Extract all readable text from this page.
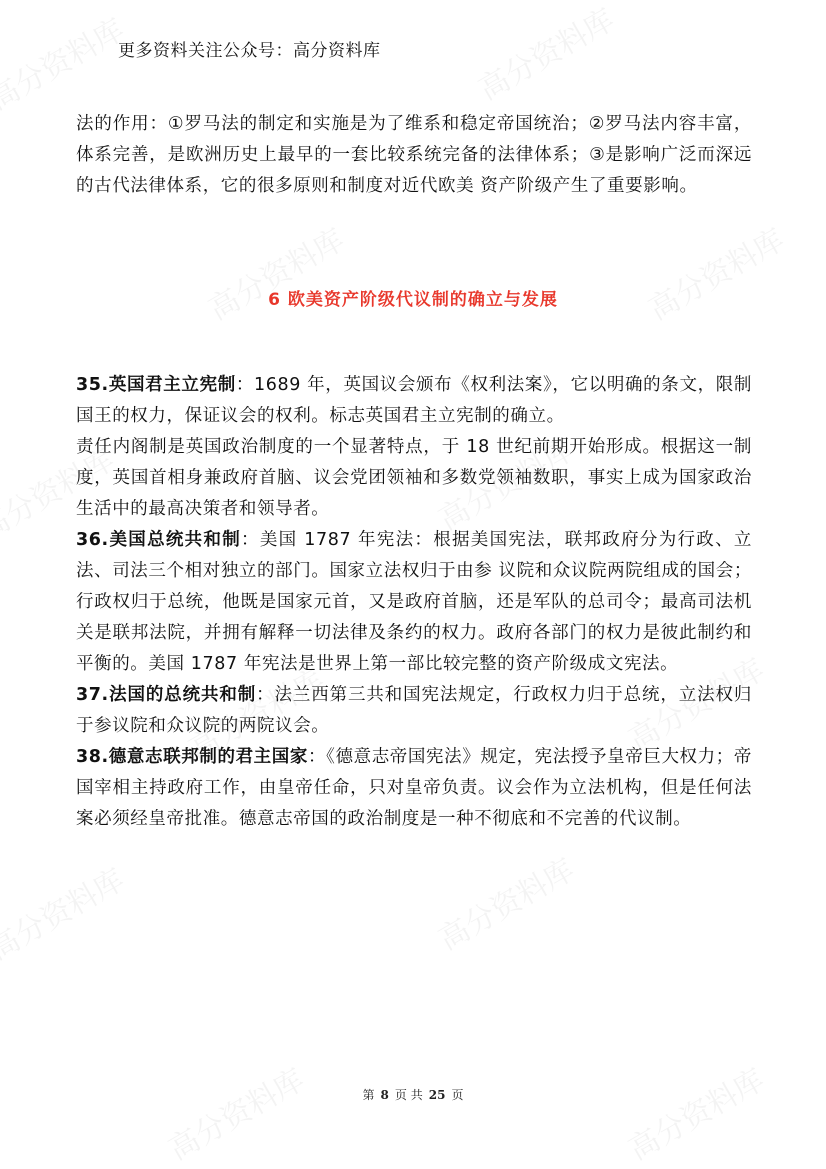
更多资料关注公众号：高分资料库
法的作用：①罗马法的制定和实施是为了维系和稳定帝国统治；②罗马法内容丰富，体系完善，是欧洲历史上最早的一套比较系统完备的法律体系；③是影响广泛而深远的古代法律体系，它的很多原则和制度对近代欧美 资产阶级产生了重要影响。
6 欧美资产阶级代议制的确立与发展

35.英国君主立宪制：1689 年，英国议会颁布《权利法案》，它以明确的条文，限制国王的权力，保证议会的权利。标志英国君主立宪制的确立。

责任内阁制是英国政治制度的一个显著特点，于 18 世纪前期开始形成。根据这一制度，英国首相身兼政府首脑、议会党团领袖和多数党领袖数职，事实上成为国家政治生活中的最高决策者和领导者。

36.美国总统共和制：美国 1787 年宪法：根据美国宪法，联邦政府分为行政、立法、司法三个相对独立的部门。国家立法权归于由参 议院和众议院两院组成的国会；行政权归于总统，他既是国家元首，又是政府首脑，还是军队的总司令；最高司法机关是联邦法院，并拥有解释一切法律及条约的权力。政府各部门的权力是彼此制约和平衡的。美国 1787 年宪法是世界上第一部比较完整的资产阶级成文宪法。

37.法国的总统共和制：法兰西第三共和国宪法规定，行政权力归于总统，立法权归于参议院和众议院的两院议会。

38.德意志联邦制的君主国家：《德意志帝国宪法》规定，宪法授予皇帝巨大权力；帝国宰相主持政府工作，由皇帝任命，只对皇帝负责。议会作为立法机构，但是任何法案必须经皇帝批准。德意志帝国的政治制度是一种不彻底和不完善的代议制。

第 8 页 共 25 页
